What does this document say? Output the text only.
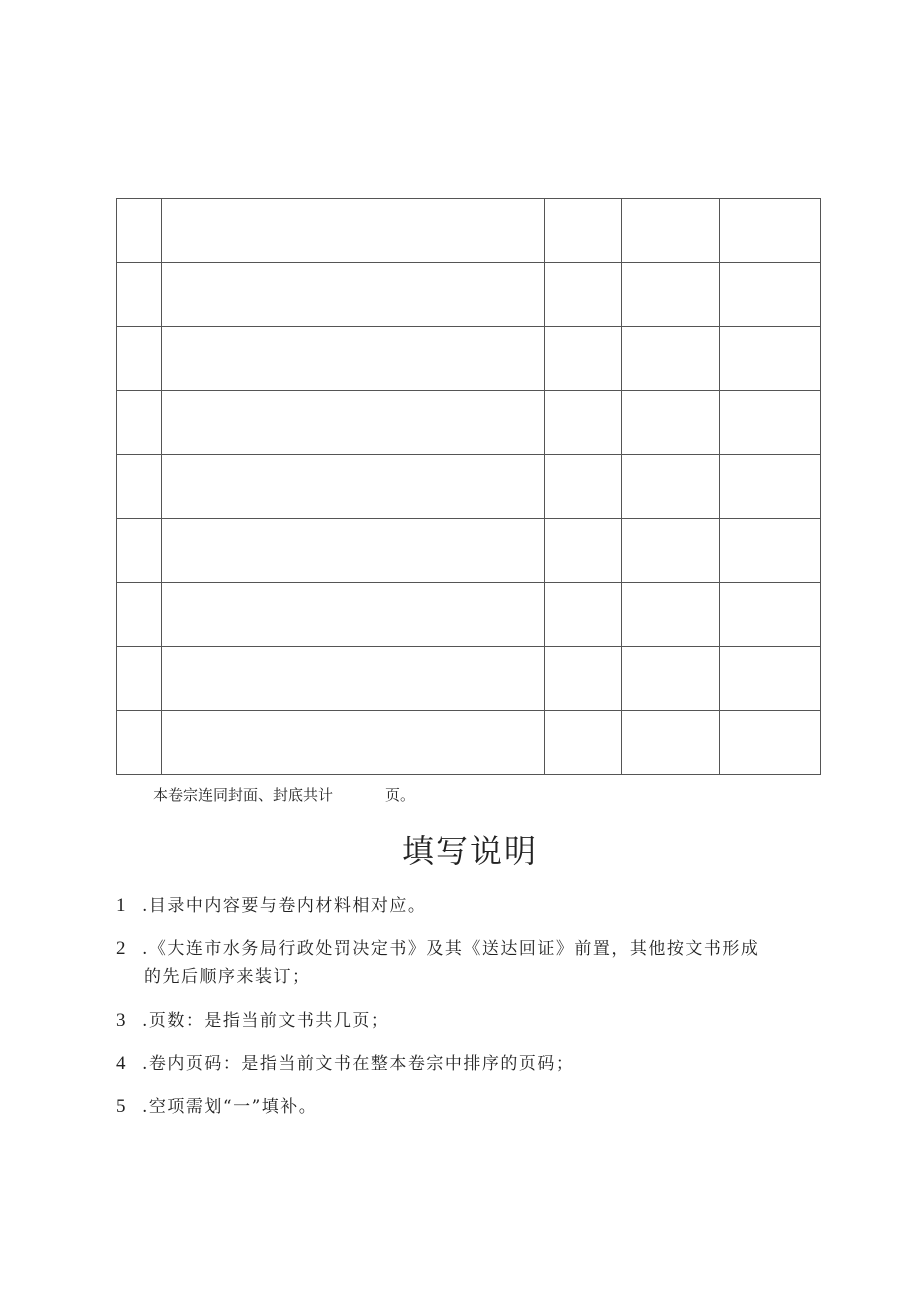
本卷宗连同封面、封底共计	页。
填写说明
1 .目录中内容要与卷内材料相对应。
2 .《大连市水务局行政处罚决定书》及其《送达回证》前置，其他按文书形成
的先后顺序来装订；
3 .页数：是指当前文书共几页；
4 .卷内页码：是指当前文书在整本卷宗中排序的页码；
5 .空项需划“一”填补。
